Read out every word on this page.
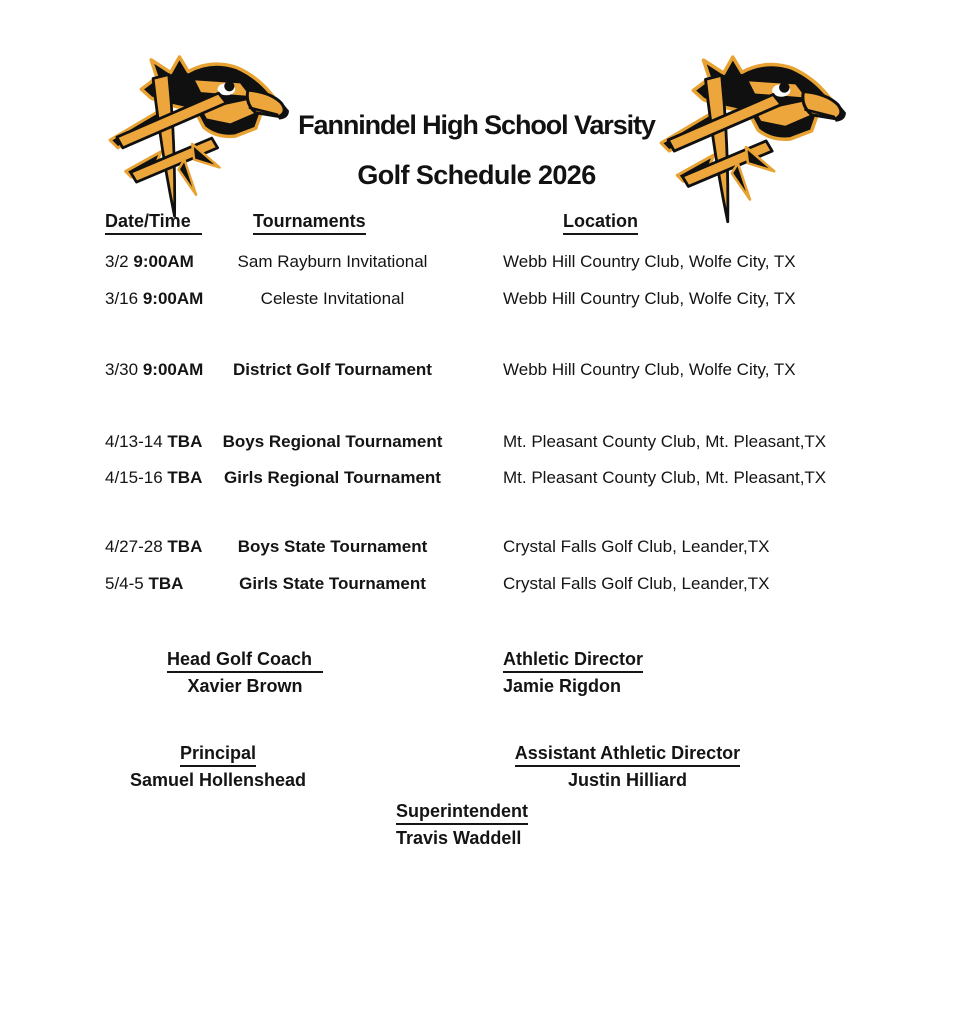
Fannindel High School Varsity
Golf Schedule 2026
Date/Time	Tournaments	Location
3/2 9:00AM	Sam Rayburn Invitational	Webb Hill Country Club, Wolfe City, TX
3/16 9:00AM	Celeste Invitational	Webb Hill Country Club, Wolfe City, TX
3/30 9:00AM	District Golf Tournament	Webb Hill Country Club, Wolfe City, TX
4/13-14 TBA	Boys Regional Tournament	Mt. Pleasant County Club, Mt. Pleasant,TX
4/15-16 TBA	Girls Regional Tournament	Mt. Pleasant County Club, Mt. Pleasant,TX
4/27-28 TBA	Boys State Tournament	Crystal Falls Golf Club, Leander,TX
5/4-5 TBA	Girls State Tournament	Crystal Falls Golf Club, Leander,TX
Head Golf Coach
Xavier Brown
Athletic Director
Jamie Rigdon
Principal
Samuel Hollenshead
Assistant Athletic Director
Justin Hilliard
Superintendent
Travis Waddell
